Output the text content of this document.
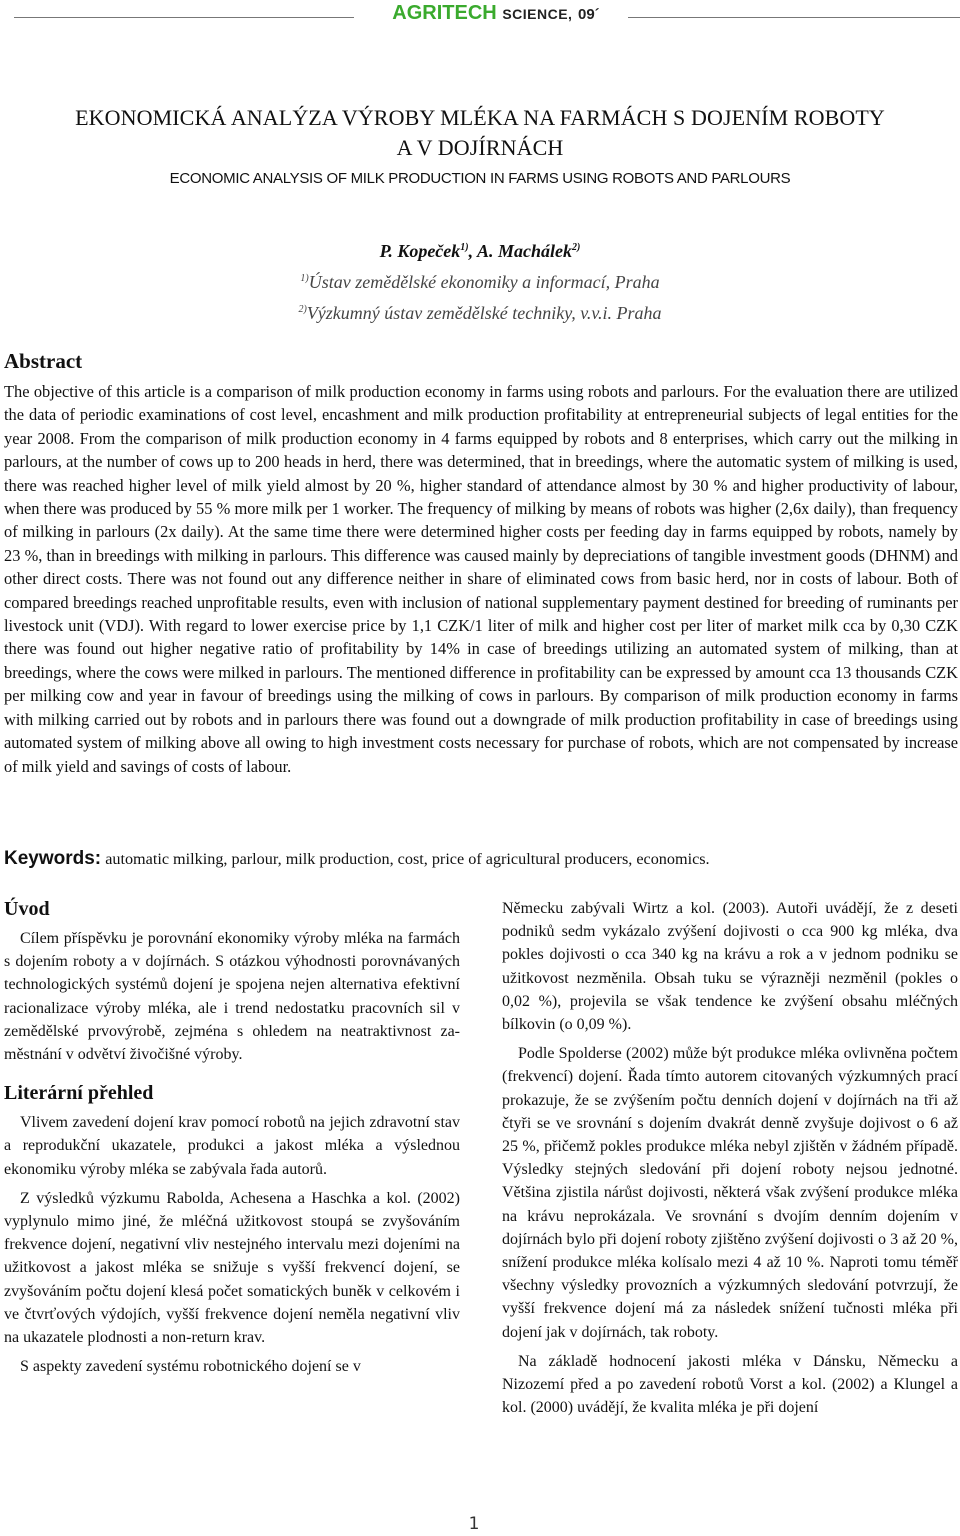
AGRITECH SCIENCE, 09´
EKONOMICKÁ ANALÝZA VÝROBY MLÉKA NA FARMÁCH S DOJENÍM ROBOTY
A V DOJÍRNÁCH
ECONOMIC ANALYSIS OF MILK PRODUCTION IN FARMS USING ROBOTS AND PARLOURS
P. Kopeček$^{1)}$, A. Machálek$^{2)}$
$^{1)}$Ústav zemědělské ekonomiky a informací, Praha
$^{2)}$Výzkumný ústav zemědělské techniky, v.v.i. Praha
Abstract

The objective of this article is a comparison of milk production economy in farms using robots and parlours. For the evaluation there are utilized the data of periodic examinations of cost level, encashment and milk production profitability at entrepreneurial subjects of legal entities for the year 2008. From the comparison of milk production economy in 4 farms equipped by robots and 8 enterprises, which carry out the milking in parlours, at the number of cows up to 200 heads in herd, there was determined, that in breedings, where the automatic system of milking is used, there was reached higher level of milk yield almost by 20 %, higher standard of attendance almost by 30 % and higher productivity of labour, when there was produced by 55 % more milk per 1 worker. The frequency of milking by means of robots was higher (2,6x daily), than frequency of milking in parlours (2x daily). At the same time there were determined higher costs per feeding day in farms equipped by robots, namely by 23 %, than in breedings with milking in parlours. This difference was caused mainly by depreciations of tangible investment goods (DHNM) and other direct costs. There was not found out any difference neither in share of eliminated cows from basic herd, nor in costs of labour. Both of compared breedings reached unprofitable results, even with inclusion of national supplementary payment destined for breeding of ruminants per livestock unit (VDJ). With regard to lower exercise price by 1,1 CZK/1 liter of milk and higher cost per liter of market milk cca by 0,30 CZK there was found out higher negative ratio of profitability by 14% in case of breedings utilizing an automated system of milking, than at breedings, where the cows were milked in parlours. The mentioned difference in profitability can be expressed by amount cca 13 thousands CZK per milking cow and year in favour of breedings using the milking of cows in parlours. By comparison of milk production economy in farms with milking carried out by robots and in parlours there was found out a downgrade of milk production profitability in case of breedings using automated system of milking above all owing to high investment costs necessary for purchase of robots, which are not compensated by increase of milk yield and savings of costs of labour.

Keywords: automatic milking, parlour, milk production, cost, price of agricultural producers, economics.

Úvod

Cílem příspěvku je porovnání ekonomiky výroby mléka na farmách s dojením roboty a v dojírnách. S otázkou výhodnosti porovnávaných technologických systémů dojení je spojena nejen alternativa efektivní racionalizace výroby mléka, ale i trend nedostatku pracovních sil v zemědělské prvovýrobě, zejména s ohledem na neatraktivnost zaměstnání v odvětví živočišné výroby.

Literární přehled

Vlivem zavedení dojení krav pomocí robotů na jejich zdravotní stav a reprodukční ukazatele, produkci a jakost mléka a výslednou ekonomiku výroby mléka se zabývala řada autorů.

Z výsledků výzkumu Rabolda, Achesena a Haschka a kol. (2002) vyplynulo mimo jiné, že mléčná užitkovost stoupá se zvyšováním frekvence dojení, negativní vliv nestejného intervalu mezi dojeními na užitkovost a jakost mléka se snižuje s vyšší frekvencí dojení, se zvyšováním počtu dojení klesá počet somatických buněk v celkovém i ve čtvrťových výdojích, vyšší frekvence dojení neměla negativní vliv na ukazatele plodnosti a non-return krav.

S aspekty zavedení systému robotnického dojení se v

Německu zabývali Wirtz a kol. (2003). Autoři uvádějí, že z deseti podniků sedm vykázalo zvýšení dojivosti o cca 900 kg mléka, dva pokles dojivosti o cca 340 kg na krávu a rok a v jednom podniku se užitkovost nezměnila. Obsah tuku se výrazněji nezměnil (pokles o 0,02 %), projevila se však tendence ke zvýšení obsahu mléčných bílkovin (o 0,09 %).

Podle Spolderse (2002) může být produkce mléka ovlivněna počtem (frekvencí) dojení. Řada tímto autorem citovaných výzkumných prací prokazuje, že se zvýšením počtu denních dojení v dojírnách na tři až čtyři se ve srovnání s dojením dvakrát denně zvyšuje dojivost o 6 až 25 %, přičemž pokles produkce mléka nebyl zjištěn v žádném případě. Výsledky stejných sledování při dojení roboty nejsou jednotné. Většina zjistila nárůst dojivosti, některá však zvýšení produkce mléka na krávu neprokázala. Ve srovnání s dvojím denním dojením v dojírnách bylo při dojení roboty zjištěno zvýšení dojivosti o 3 až 20 %, snížení produkce mléka kolísalo mezi 4 až 10 %. Naproti tomu téměř všechny výsledky provozních a výzkumných sledování potvrzují, že vyšší frekvence dojení má za následek snížení tučnosti mléka při dojení jak v dojírnách, tak roboty.

Na základě hodnocení jakosti mléka v Dánsku, Německu a Nizozemí před a po zavedení robotů Vorst a kol. (2002) a Klungel a kol. (2000) uvádějí, že kvalita mléka je při dojení

1
